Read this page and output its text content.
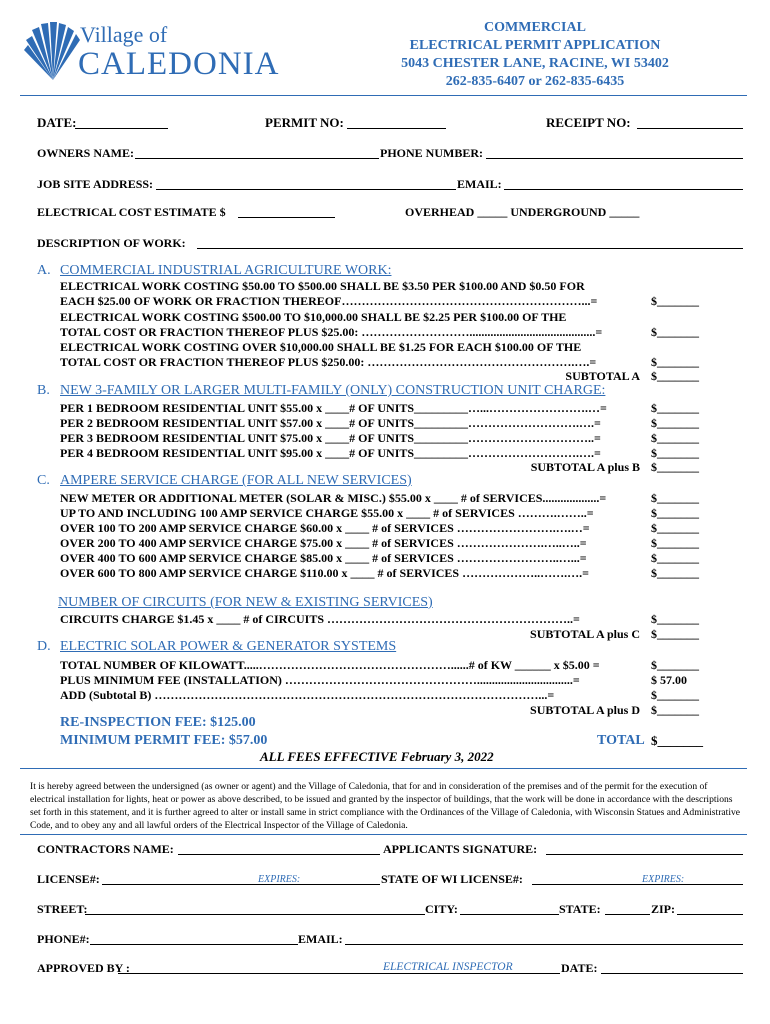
Village of
CALEDONIA
COMMERCIAL
ELECTRICAL PERMIT APPLICATION
5043 CHESTER LANE, RACINE, WI 53402
262-835-6407 or 262-835-6435
DATE:	PERMIT NO:	RECEIPT NO:
OWNERS NAME:	PHONE NUMBER:
JOB SITE ADDRESS:	EMAIL:
ELECTRICAL COST ESTIMATE $	OVERHEAD _____ UNDERGROUND _____
DESCRIPTION OF WORK:
A. COMMERCIAL INDUSTRIAL AGRICULTURE WORK:
B. NEW 3-FAMILY OR LARGER MULTI-FAMILY (ONLY) CONSTRUCTION UNIT CHARGE:
C. AMPERE SERVICE CHARGE (FOR ALL NEW SERVICES)
NUMBER OF CIRCUITS (FOR NEW & EXISTING SERVICES)
D. ELECTRIC SOLAR POWER & GENERATOR SYSTEMS
ELECTRICAL WORK COSTING $50.00 TO $500.00 SHALL BE $3.50 PER $100.00 AND $0.50 FOR
EACH $25.00 OF WORK OR FRACTION THEREOF……………………………………………………...=	$_______
ELECTRICAL WORK COSTING $500.00 TO $10,000.00 SHALL BE $2.25 PER $100.00 OF THE
TOTAL COST OR FRACTION THEREOF PLUS $25.00: ………………………..........................................=	$_______
ELECTRICAL WORK COSTING OVER $10,000.00 SHALL BE $1.25 FOR EACH $100.00 OF THE
TOTAL COST OR FRACTION THEREOF PLUS $250.00: …………………………………………….….=	$_______
SUBTOTAL A $_______
PER 1 BEDROOM RESIDENTIAL UNIT $55.00 x ____# OF UNITS_________…...…………………….…=	$_______
PER 2 BEDROOM RESIDENTIAL UNIT $57.00 x ____# OF UNITS_________……………………….….=	$_______
PER 3 BEDROOM RESIDENTIAL UNIT $75.00 x ____# OF UNITS_________…………………………..=	$_______
PER 4 BEDROOM RESIDENTIAL UNIT $95.00 x ____# OF UNITS_________……………………….….=	$_______
SUBTOTAL A plus B $_______
NEW METER OR ADDITIONAL METER (SOLAR & MISC.) $55.00 x ____ # of SERVICES...................=	$_______
UP TO AND INCLUDING 100 AMP SERVICE CHARGE $55.00 x ____ # of SERVICES ……….……..=	$_______
OVER 100 TO 200 AMP SERVICE CHARGE $60.00 x ____ # of SERVICES …………………….….…=	$_______
OVER 200 TO 400 AMP SERVICE CHARGE $75.00 x ____ # of SERVICES ………………….…..…..=	$_______
OVER 400 TO 600 AMP SERVICE CHARGE $85.00 x ____ # of SERVICES ……………………..…...=	$_______
OVER 600 TO 800 AMP SERVICE CHARGE $110.00 x ____ # of SERVICES ………………..…….….=	$_______
CIRCUITS CHARGE $1.45 x ____ # of CIRCUITS ……………………………………………………..=	$_______
SUBTOTAL A plus C $_______
TOTAL NUMBER OF KILOWATT.....…………………………………………......# of KW ______ x $5.00 =	$_______
PLUS MINIMUM FEE (INSTALLATION) …………………………………………................................=	$ 57.00
ADD (Subtotal B) ……………………………………………………………………………………...=	$_______
SUBTOTAL A plus D $_______
RE-INSPECTION FEE: $125.00
MINIMUM PERMIT FEE: $57.00	TOTAL $_______
ALL FEES EFFECTIVE February 3, 2022
It is hereby agreed between the undersigned (as owner or agent) and the Village of Caledonia, that for and in consideration of the premises and of the permit for the execution of electrical installation for lights, heat or power as above described, to be issued and granted by the inspector of buildings, that the work will be done in accordance with the descriptions set forth in this statement, and it is further agreed to alter or install same in strict compliance with the Ordinances of the Village of Caledonia, with Wisconsin Statues and Administrative Code, and to obey any and all lawful orders of the Electrical Inspector of the Village of Caledonia.
CONTRACTORS NAME:	APPLICANTS SIGNATURE:
LICENSE#:	EXPIRES:	STATE OF WI LICENSE#:	EXPIRES:
STREET:	CITY:	STATE:	ZIP:
PHONE#:	EMAIL:
APPROVED BY :	ELECTRICAL INSPECTOR	DATE:
